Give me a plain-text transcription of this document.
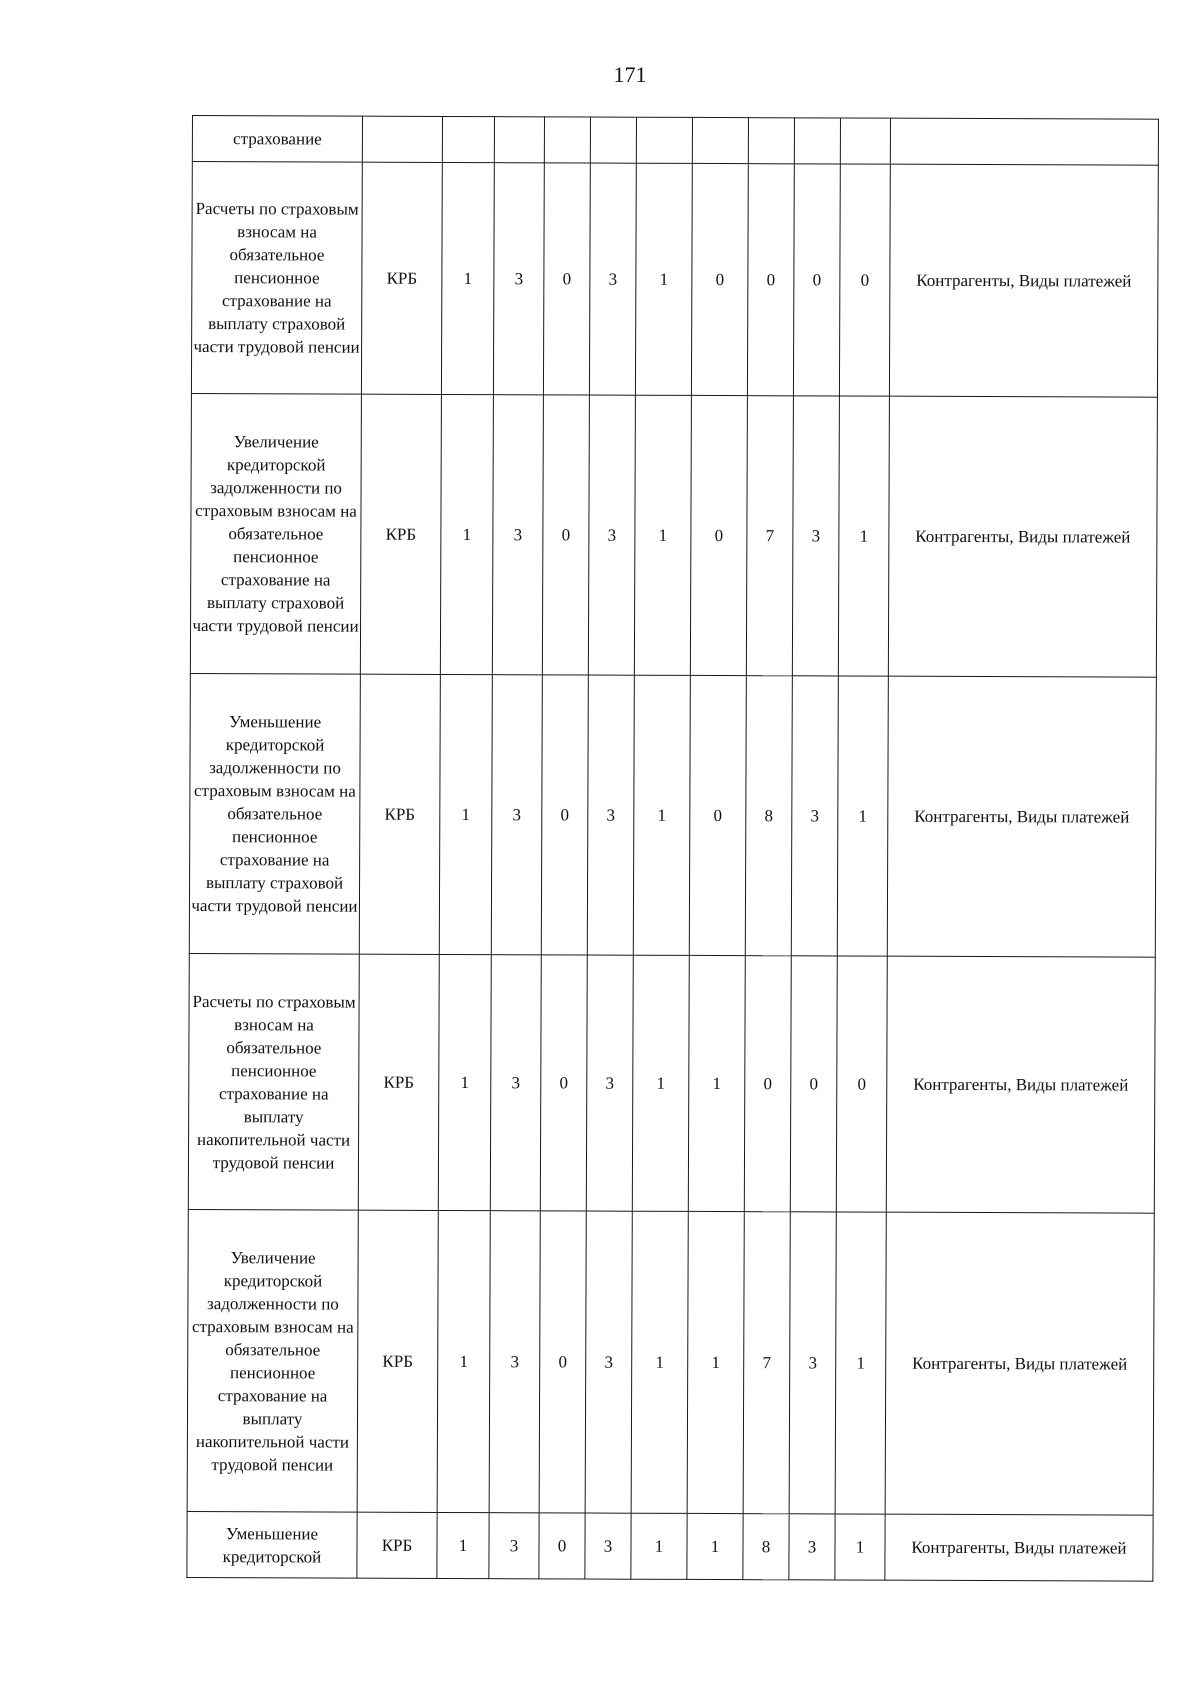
171
страхование											
Расчеты по страховым взносам на обязательное пенсионное страхование на выплату страховой части трудовой пенсии	КРБ	1	3	0	3	1	0	0	0	0	Контрагенты, Виды платежей
Увеличение кредиторской задолженности по страховым взносам на обязательное пенсионное страхование на выплату страховой части трудовой пенсии	КРБ	1	3	0	3	1	0	7	3	1	Контрагенты, Виды платежей
Уменьшение кредиторской задолженности по страховым взносам на обязательное пенсионное страхование на выплату страховой части трудовой пенсии	КРБ	1	3	0	3	1	0	8	3	1	Контрагенты, Виды платежей
Расчеты по страховым взносам на обязательное пенсионное страхование на выплату накопительной части трудовой пенсии	КРБ	1	3	0	3	1	1	0	0	0	Контрагенты, Виды платежей
Увеличение кредиторской задолженности по страховым взносам на обязательное пенсионное страхование на выплату накопительной части трудовой пенсии	КРБ	1	3	0	3	1	1	7	3	1	Контрагенты, Виды платежей
Уменьшение кредиторской	КРБ	1	3	0	3	1	1	8	3	1	Контрагенты, Виды платежей
